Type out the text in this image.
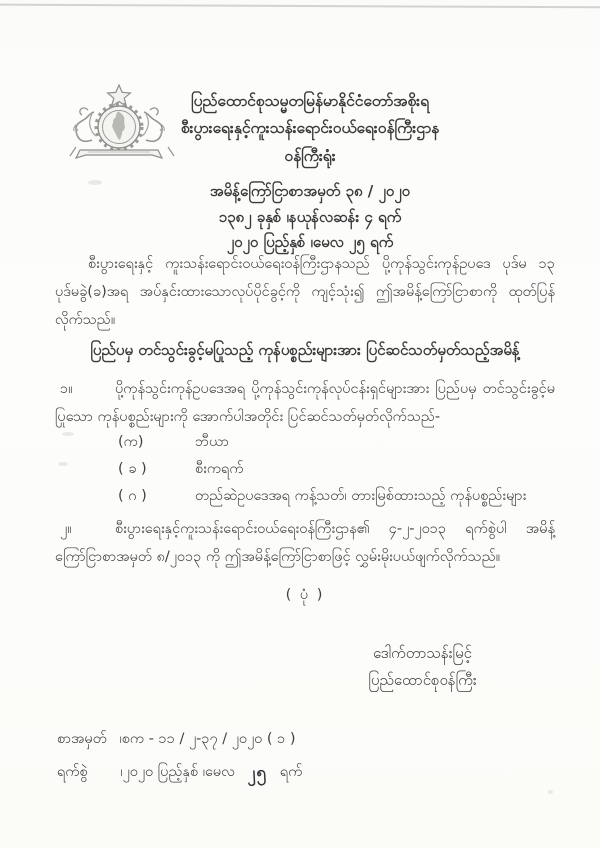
ပြည်ထောင်စုသမ္မတမြန်မာနိုင်ငံတော်အစိုးရ
စီးပွားရေးနှင့်ကူးသန်းရောင်းဝယ်ရေးဝန်ကြီးဌာန
ဝန်ကြီးရုံး
အမိန့်ကြော်ငြာစာအမှတ် ၃၈ / ၂၀၂၀
၁၃၈၂ ခုနှစ် ၊နယုန်လဆန်း ၄ ရက်
၂၀၂၀ ပြည့်နှစ် ၊မေလ ၂၅ ရက်

စီးပွားရေးနှင့် ကူးသန်းရောင်းဝယ်ရေးဝန်ကြီးဌာနသည် ပို့ကုန်သွင်းကုန်ဥပဒေ ပုဒ်မ ၁၃ ပုဒ်မခွဲ(ခ)အရ အပ်နှင်းထားသောလုပ်ပိုင်ခွင့်ကို ကျင့်သုံး၍ ဤအမိန့်ကြော်ငြာစာကို ထုတ်ပြန်လိုက်သည်။

ပြည်ပမှ တင်သွင်းခွင့်မပြုသည့် ကုန်ပစ္စည်းများအား ပြင်ဆင်သတ်မှတ်သည့်အမိန့်
၁။	ပို့ကုန်သွင်းကုန်ဥပဒေအရ ပို့ကုန်သွင်းကုန်လုပ်ငန်းရှင်များအား ပြည်ပမှ တင်သွင်းခွင့်မပြုသော ကုန်ပစ္စည်းများကို အောက်ပါအတိုင်း ပြင်ဆင်သတ်မှတ်လိုက်သည်-

(က)	ဘီယာ
( ခ )	စီးကရက်
( ဂ )	တည်ဆဲဥပဒေအရ ကန့်သတ်၊ တားမြစ်ထားသည့် ကုန်ပစ္စည်းများ
၂။	စီးပွားရေးနှင့်ကူးသန်းရောင်းဝယ်ရေးဝန်ကြီးဌာန၏ ၄-၂-၂၀၁၃ ရက်စွဲပါ အမိန့်ကြော်ငြာစာအမှတ် ၈/၂၀၁၃ ကို ဤအမိန့်ကြော်ငြာစာဖြင့် လွှမ်းမိုးပယ်ဖျက်လိုက်သည်။

( ပုံ )
ဒေါက်တာသန်းမြင့်
ပြည်ထောင်စုဝန်ကြီး
စာအမှတ် ၊စက - ၁၁ / ၂-၃၇ / ၂၀၂၀ ( ၁ )
ရက်စွဲ ၊၂၀၂၀ ပြည့်နှစ် ၊မေလ ၂၅ ရက်
